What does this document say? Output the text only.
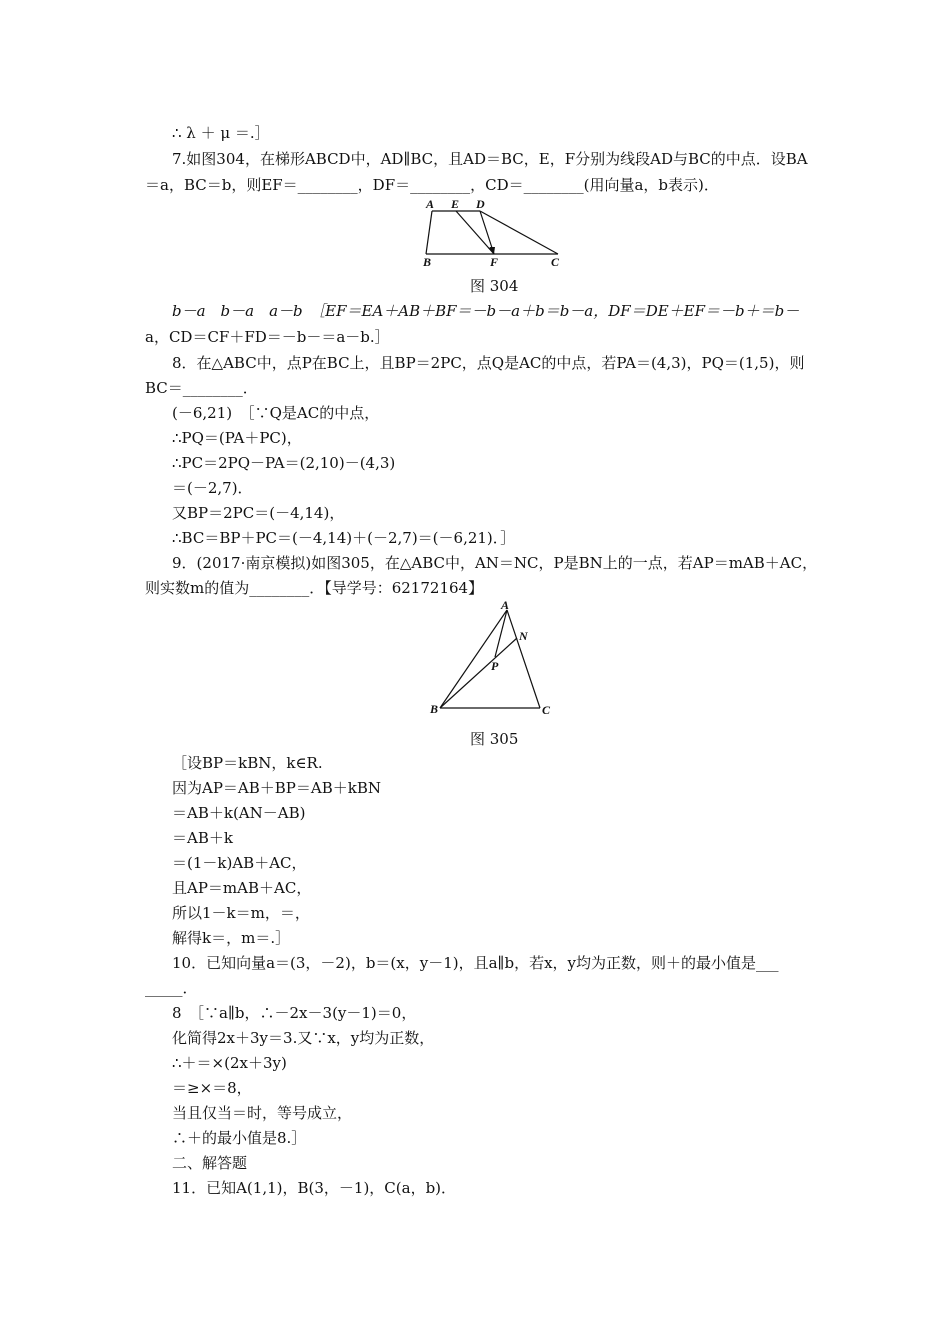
∴ λ ＋ μ ＝.］
7.如图304，在梯形ABCD中，AD∥BC，且AD＝BC，E，F分别为线段AD与BC的中点．设BA
＝a，BC＝b，则EF＝________，DF＝________，CD＝________(用向量a，b表示)．
A E D
B	F	C
图 304
b－a　b－a　a－b　［EF＝EA＋AB＋BF＝－b－a＋b＝b－a，DF＝DE＋EF＝－b＋＝b－
a，CD＝CF＋FD＝－b－＝a－b.］
8．在△ABC中，点P在BC上，且BP＝2PC，点Q是AC的中点，若PA＝(4,3)，PQ＝(1,5)，则
BC＝________．
(－6,21)　［∵Q是AC的中点，
∴PQ＝(PA＋PC)，
∴PC＝2PQ－PA＝(2,10)－(4,3)
＝(－2,7)．
又BP＝2PC＝(－4,14)，
∴BC＝BP＋PC＝(－4,14)＋(－2,7)＝(－6,21)．］
9．(2017·南京模拟)如图305，在△ABC中，AN＝NC，P是BN上的一点，若AP＝mAB＋AC，
则实数m的值为________．【导学号：62172164】
A
N
P
B	C
图 305
［设BP＝kBN，k∈R.
因为AP＝AB＋BP＝AB＋kBN
＝AB＋k(AN－AB)
＝AB＋k
＝(1－k)AB＋AC，
且AP＝mAB＋AC，
所以1－k＝m，＝，
解得k＝，m＝.］
10．已知向量a＝(3，－2)，b＝(x，y－1)，且a∥b，若x，y均为正数，则＋的最小值是___
_____．
8　［∵a∥b，∴－2x－3(y－1)＝0，
化简得2x＋3y＝3.又∵x，y均为正数，
∴＋＝×(2x＋3y)
＝≥×＝8，
当且仅当＝时，等号成立，
∴＋的最小值是8.］
二、解答题
11．已知A(1,1)，B(3，－1)，C(a，b)．
